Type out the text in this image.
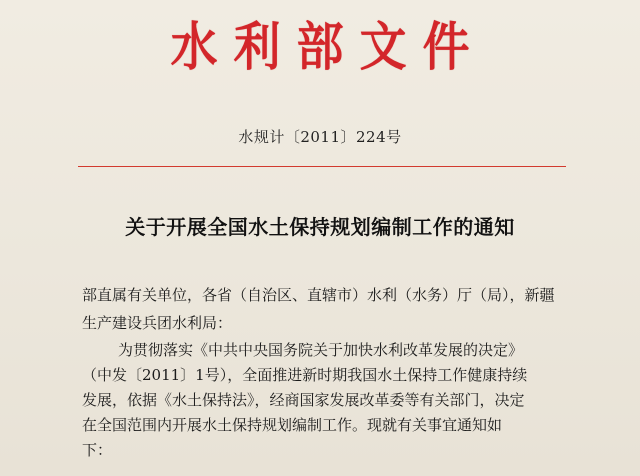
水利部文件
水规计〔2011〕224号
关于开展全国水土保持规划编制工作的通知
部直属有关单位，各省（自治区、直辖市）水利（水务）厅（局），新疆
生产建设兵团水利局：
为贯彻落实《中共中央国务院关于加快水利改革发展的决定》
（中发〔2011〕1号），全面推进新时期我国水土保持工作健康持续
发展，依据《水土保持法》，经商国家发展改革委等有关部门，决定
在全国范围内开展水土保持规划编制工作。现就有关事宜通知如
下：
